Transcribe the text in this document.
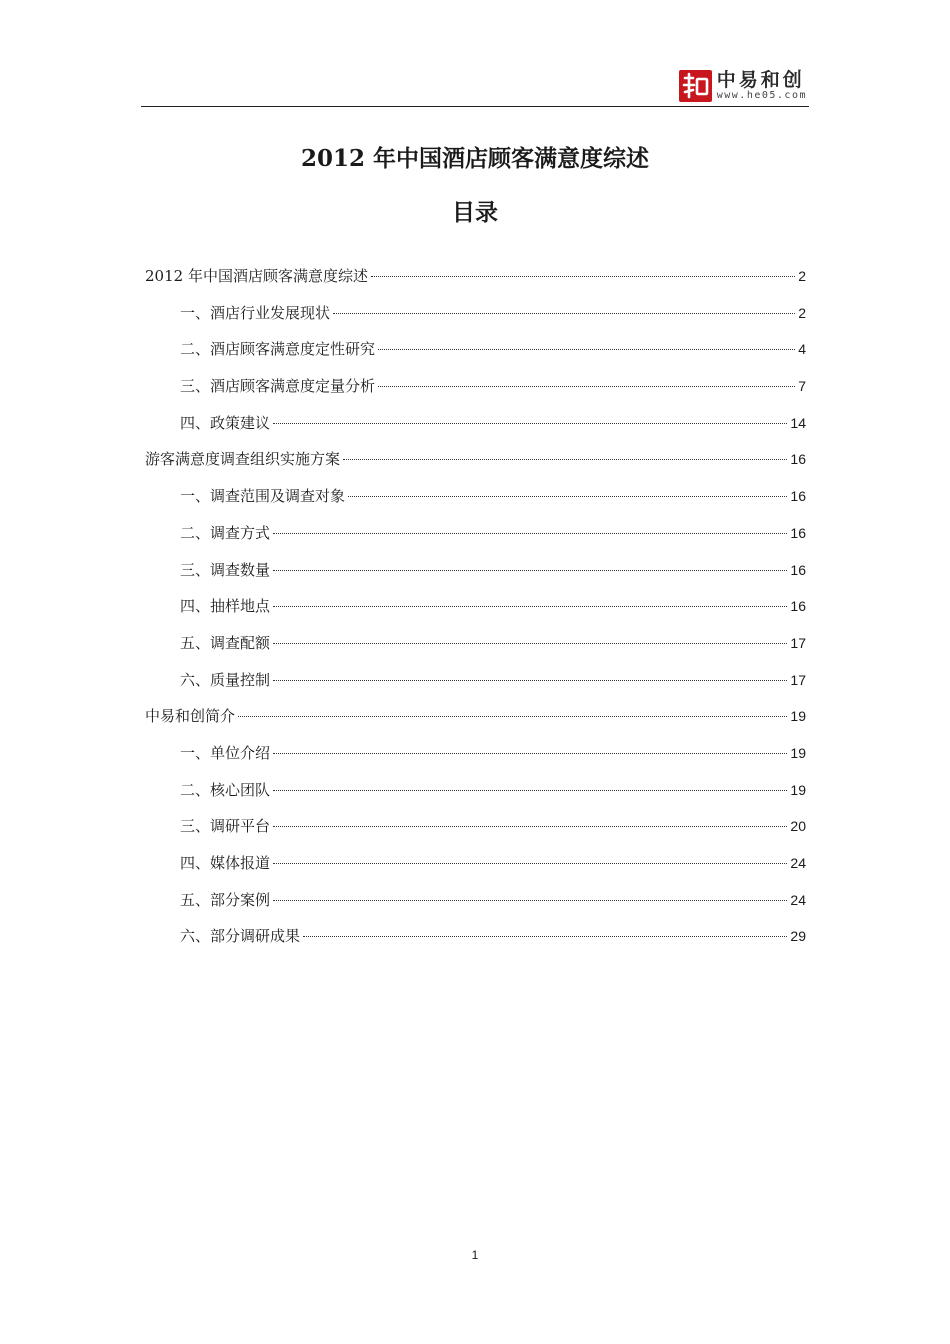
中易和创
www.he05.com
2012 年中国酒店顾客满意度综述
目录
2012 年中国酒店顾客满意度综述	2
一、酒店行业发展现状	2
二、酒店顾客满意度定性研究	4
三、酒店顾客满意度定量分析	7
四、政策建议	14
游客满意度调查组织实施方案	16
一、调查范围及调查对象	16
二、调查方式	16
三、调查数量	16
四、抽样地点	16
五、调查配额	17
六、质量控制	17
中易和创简介	19
一、单位介绍	19
二、核心团队	19
三、调研平台	20
四、媒体报道	24
五、部分案例	24
六、部分调研成果	29
1
